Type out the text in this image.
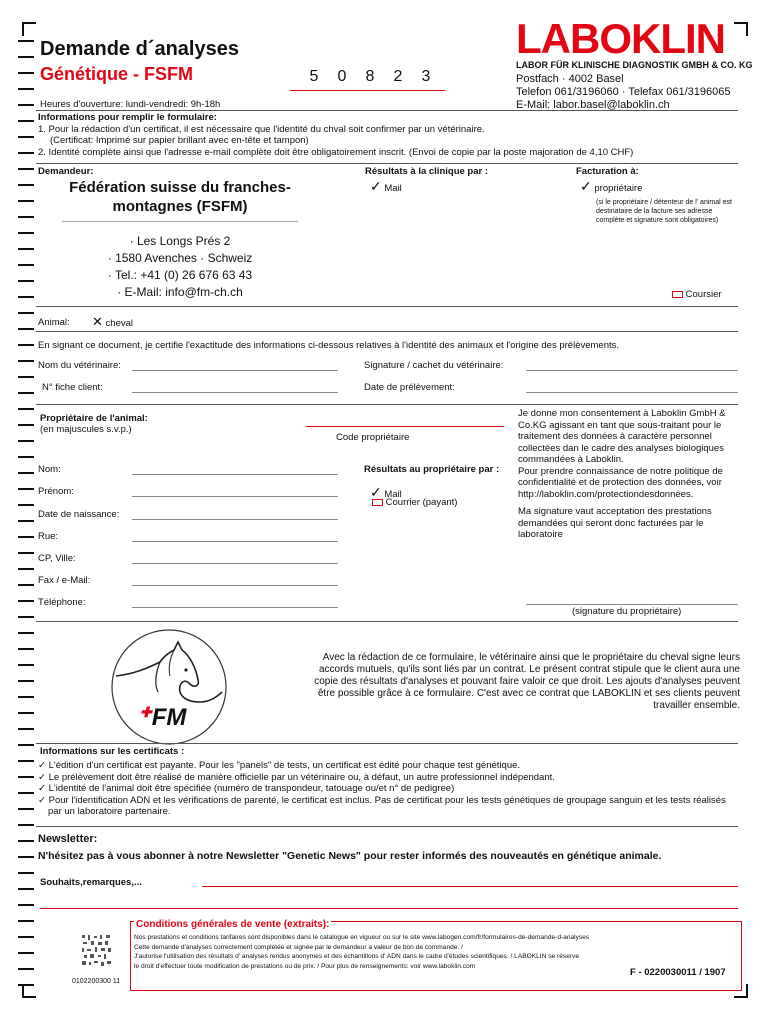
Demande d´analyses
Génétique - FSFM	5 0 8 2 3
Heures d'ouverture: lundi-vendredi: 9h-18h
LABOKLIN
LABOR FÜR KLINISCHE DIAGNOSTIK GMBH & CO. KG
Postfach · 4002 Basel
Telefon 061/3196060 · Telefax 061/3196065
E-Mail: labor.basel@laboklin.ch
Informations pour remplir le formulaire:
1. Pour la rédaction d'un certificat, il est nécessaire que l'identité du chval soit confirmer par un vétérinaire.
(Certificat: Imprimé sur papier brillant avec en-tête et tampon)
2. Identité complète ainsi que l'adresse e-mail complète doit être obligatoirement inscrit. (Envoi de copie par la poste majoration de 4,10 CHF)
Demandeur:
Fédération suisse du franches-montagnes (FSFM)
· Les Longs Prés 2
· 1580 Avenches · Schweiz
· Tel.: +41 (0) 26 676 63 43
· E-Mail: info@fm-ch.ch
Résultats à la clinique par :
✓ Mail
Facturation à:
✓ propriétaire
(si le propriétaire / détenteur de l' animal est destinataire de la facture ses adresse complète et signature sont obligatoires)
Coursier
Animal: ✕ cheval
En signant ce document, je certifie l'exactitude des informations ci-dessous relatives à l'identité des animaux et l'origine des prélèvements.
Nom du vétérinaire:	Signature / cachet du vétérinaire:
N° fiche client:	Date de prélèvement:
Propriétaire de l'animal:
(en majuscules s.v.p.)
Code propriétaire
Nom:
Prénom:
Date de naissance:
Rue:
CP, Ville:
Fax / e-Mail:
Téléphone:
Résultats au propriétaire par :
✓ Mail
Courrier (payant)
Je donne mon consentement à Laboklin GmbH & Co.KG agissant en tant que sous-traitant pour le traitement des données à caractère personnel collectées dan le cadre des analyses biologiques commandées à Laboklin.
Pour prendre connaissance de notre politique de confidentialité et de protection des données, voir http://laboklin.com/protectiondesdonnées.
Ma signature vaut acceptation des prestations demandées qui seront donc facturées par le laboratoire
(signature du propriétaire)
✚FM
Avec la rédaction de ce formulaire, le vétérinaire ainsi que le propriétaire du cheval signe leurs accords mutuels, qu'ils sont liés par un contrat. Le présent contrat stipule que le client aura une copie des résultats d'analyses et pouvant faire valoir ce que droit. Les ajouts d'analyses peuvent être possible grâce à ce formulaire. C'est avec ce contrat que LABOKLIN et ses clients peuvent travailler ensemble.
Informations sur les certificats :
✓ L'édition d'un certificat est payante. Pour les "panels" de tests, un certificat est édité pour chaque test génétique.
✓ Le prélèvement doit être réalisé de manière officielle par un vétérinaire ou, à défaut, un autre professionnel indépendant.
✓ L'identité de l'animal doit être spécifiée (numéro de transpondeur, tatouage ou/et n° de pedigree)
✓ Pour l'identification ADN et les vérifications de parenté, le certificat est inclus. Pas de certificat pour les tests génétiques de groupage sanguin et les tests réalisés par un laboratoire partenaire.
Newsletter:
N'hésitez pas à vous abonner à notre Newsletter "Genetic News" pour rester informés des nouveautés en génétique animale.
Souhaits,remarques,...
0102200300 11
Conditions générales de vente (extraits):
Nos prestations et conditions tarifaires sont disponibles dans le catalogue en vigueur ou sur le site www.labogen.com/fr/formulaires-de-demande-d-analyses
Cette demande d'analyses correctement complétée et signée par le demandeur a valeur de bon de commande. /
J'autorise l'utilisation des résultats d' analyses rendus anonymes et des échantillons d' ADN dans le cadre d'études scientifiques. / LABOKLIN se réserve
le droit d'effectuer toute modification de prestations ou de prix. / Pour plus de renseignements: voir www.laboklin.com
F - 0220030011 / 1907
